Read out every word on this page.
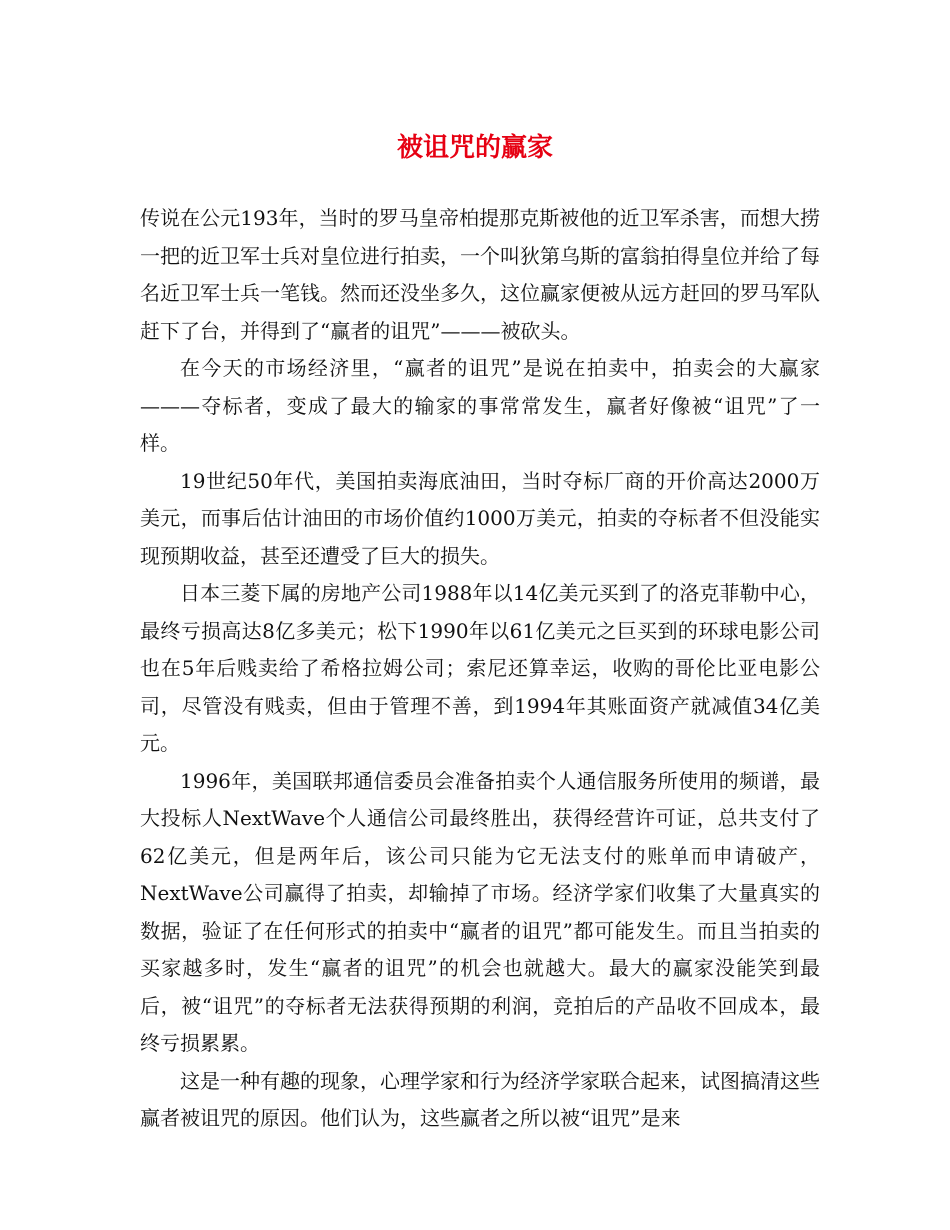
被诅咒的赢家

传说在公元193年，当时的罗马皇帝柏提那克斯被他的近卫军杀害，而想大捞一把的近卫军士兵对皇位进行拍卖，一个叫狄第乌斯的富翁拍得皇位并给了每名近卫军士兵一笔钱。然而还没坐多久，这位赢家便被从远方赶回的罗马军队赶下了台，并得到了“赢者的诅咒”———被砍头。

在今天的市场经济里，“赢者的诅咒”是说在拍卖中，拍卖会的大赢家———夺标者，变成了最大的输家的事常常发生，赢者好像被“诅咒”了一样。

19世纪50年代，美国拍卖海底油田，当时夺标厂商的开价高达2000万美元，而事后估计油田的市场价值约1000万美元，拍卖的夺标者不但没能实现预期收益，甚至还遭受了巨大的损失。

日本三菱下属的房地产公司1988年以14亿美元买到了的洛克菲勒中心，最终亏损高达8亿多美元；松下1990年以61亿美元之巨买到的环球电影公司也在5年后贱卖给了希格拉姆公司；索尼还算幸运，收购的哥伦比亚电影公司，尽管没有贱卖，但由于管理不善，到1994年其账面资产就减值34亿美元。

1996年，美国联邦通信委员会准备拍卖个人通信服务所使用的频谱，最大投标人NextWave个人通信公司最终胜出，获得经营许可证，总共支付了62亿美元，但是两年后，该公司只能为它无法支付的账单而申请破产，NextWave公司赢得了拍卖，却输掉了市场。经济学家们收集了大量真实的数据，验证了在任何形式的拍卖中“赢者的诅咒”都可能发生。而且当拍卖的买家越多时，发生“赢者的诅咒”的机会也就越大。最大的赢家没能笑到最后，被“诅咒”的夺标者无法获得预期的利润，竞拍后的产品收不回成本，最终亏损累累。

这是一种有趣的现象，心理学家和行为经济学家联合起来，试图搞清这些赢者被诅咒的原因。他们认为，这些赢者之所以被“诅咒”是来
